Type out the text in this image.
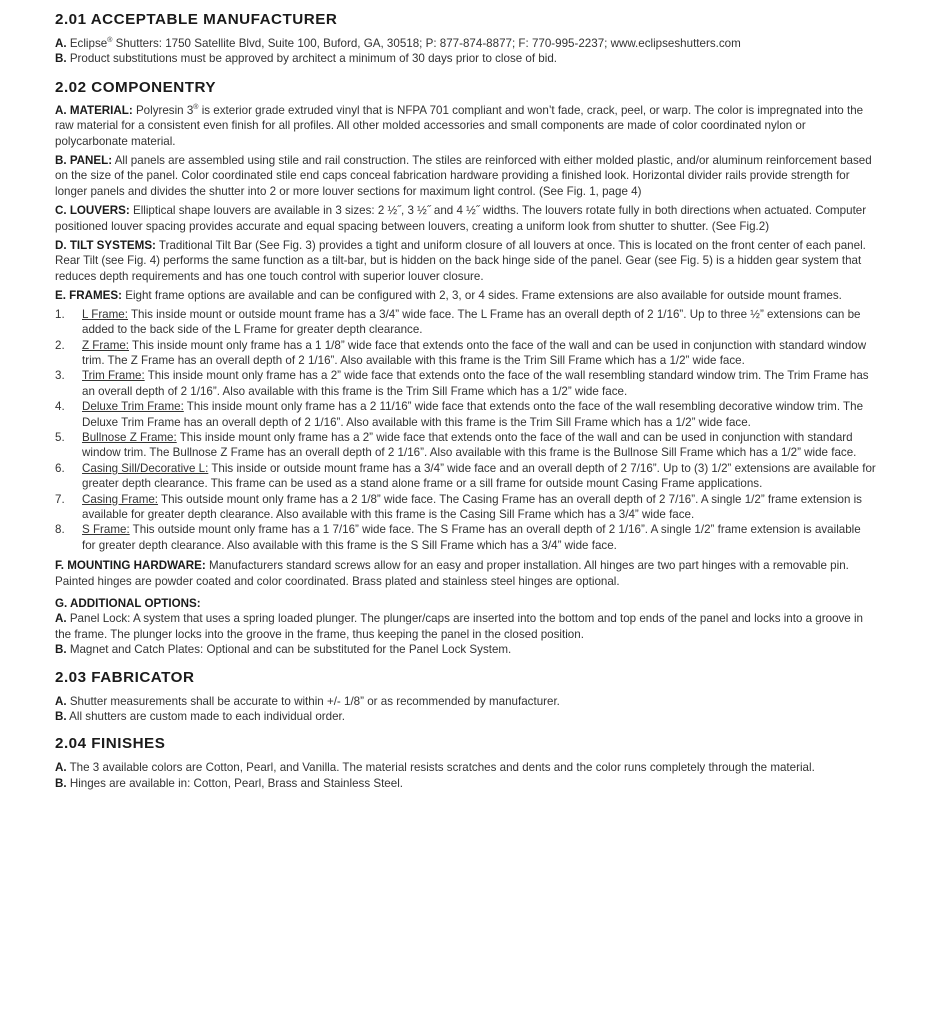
2.01 ACCEPTABLE MANUFACTURER

A. Eclipse® Shutters: 1750 Satellite Blvd, Suite 100, Buford, GA, 30518; P: 877-874-8877; F: 770-995-2237; www.eclipseshutters.com

B. Product substitutions must be approved by architect a minimum of 30 days prior to close of bid.

2.02 COMPONENTRY

A. MATERIAL: Polyresin 3® is exterior grade extruded vinyl that is NFPA 701 compliant and won’t fade, crack, peel, or warp. The color is impregnated into the raw material for a consistent even finish for all profiles. All other molded accessories and small components are made of color coordinated nylon or polycarbonate material.

B. PANEL: All panels are assembled using stile and rail construction. The stiles are reinforced with either molded plastic, and/or aluminum reinforcement based on the size of the panel. Color coordinated stile end caps conceal fabrication hardware providing a finished look. Horizontal divider rails provide strength for longer panels and divides the shutter into 2 or more louver sections for maximum light control. (See Fig. 1, page 4)

C. LOUVERS: Elliptical shape louvers are available in 3 sizes: 2 ½˝, 3 ½˝ and 4 ½˝ widths. The louvers rotate fully in both directions when actuated. Computer positioned louver spacing provides accurate and equal spacing between louvers, creating a uniform look from shutter to shutter. (See Fig.2)

D. TILT SYSTEMS: Traditional Tilt Bar (See Fig. 3) provides a tight and uniform closure of all louvers at once. This is located on the front center of each panel. Rear Tilt (see Fig. 4) performs the same function as a tilt-bar, but is hidden on the back hinge side of the panel. Gear (see Fig. 5) is a hidden gear system that reduces depth requirements and has one touch control with superior louver closure.

E. FRAMES: Eight frame options are available and can be configured with 2, 3, or 4 sides. Frame extensions are also available for outside mount frames.

1. L Frame: This inside mount or outside mount frame has a 3/4” wide face. The L Frame has an overall depth of 2 1/16”. Up to three ½” extensions can be added to the back side of the L Frame for greater depth clearance.
2. Z Frame: This inside mount only frame has a 1 1/8” wide face that extends onto the face of the wall and can be used in conjunction with standard window trim. The Z Frame has an overall depth of 2 1/16”. Also available with this frame is the Trim Sill Frame which has a 1/2” wide face.
3. Trim Frame: This inside mount only frame has a 2” wide face that extends onto the face of the wall resembling standard window trim. The Trim Frame has an overall depth of 2 1/16”. Also available with this frame is the Trim Sill Frame which has a 1/2” wide face.
4. Deluxe Trim Frame: This inside mount only frame has a 2 11/16” wide face that extends onto the face of the wall resembling decorative window trim. The Deluxe Trim Frame has an overall depth of 2 1/16”. Also available with this frame is the Trim Sill Frame which has a 1/2” wide face.
5. Bullnose Z Frame: This inside mount only frame has a 2” wide face that extends onto the face of the wall and can be used in conjunction with standard window trim. The Bullnose Z Frame has an overall depth of 2 1/16”. Also available with this frame is the Bullnose Sill Frame which has a 1/2” wide face.
6. Casing Sill/Decorative L: This inside or outside mount frame has a 3/4” wide face and an overall depth of 2 7/16”. Up to (3) 1/2” extensions are available for greater depth clearance. This frame can be used as a stand alone frame or a sill frame for outside mount Casing Frame applications.
7. Casing Frame: This outside mount only frame has a 2 1/8” wide face. The Casing Frame has an overall depth of 2 7/16”. A single 1/2” frame extension is available for greater depth clearance. Also available with this frame is the Casing Sill Frame which has a 3/4” wide face.
8. S Frame: This outside mount only frame has a 1 7/16” wide face. The S Frame has an overall depth of 2 1/16”. A single 1/2” frame extension is available for greater depth clearance. Also available with this frame is the S Sill Frame which has a 3/4” wide face.

F. MOUNTING HARDWARE: Manufacturers standard screws allow for an easy and proper installation. All hinges are two part hinges with a removable pin. Painted hinges are powder coated and color coordinated. Brass plated and stainless steel hinges are optional.

G. ADDITIONAL OPTIONS:

A. Panel Lock: A system that uses a spring loaded plunger. The plunger/caps are inserted into the bottom and top ends of the panel and locks into a groove in the frame. The plunger locks into the groove in the frame, thus keeping the panel in the closed position.

B. Magnet and Catch Plates: Optional and can be substituted for the Panel Lock System.

2.03 FABRICATOR

A. Shutter measurements shall be accurate to within +/- 1/8” or as recommended by manufacturer.

B. All shutters are custom made to each individual order.

2.04 FINISHES

A. The 3 available colors are Cotton, Pearl, and Vanilla. The material resists scratches and dents and the color runs completely through the material.

B. Hinges are available in: Cotton, Pearl, Brass and Stainless Steel.
